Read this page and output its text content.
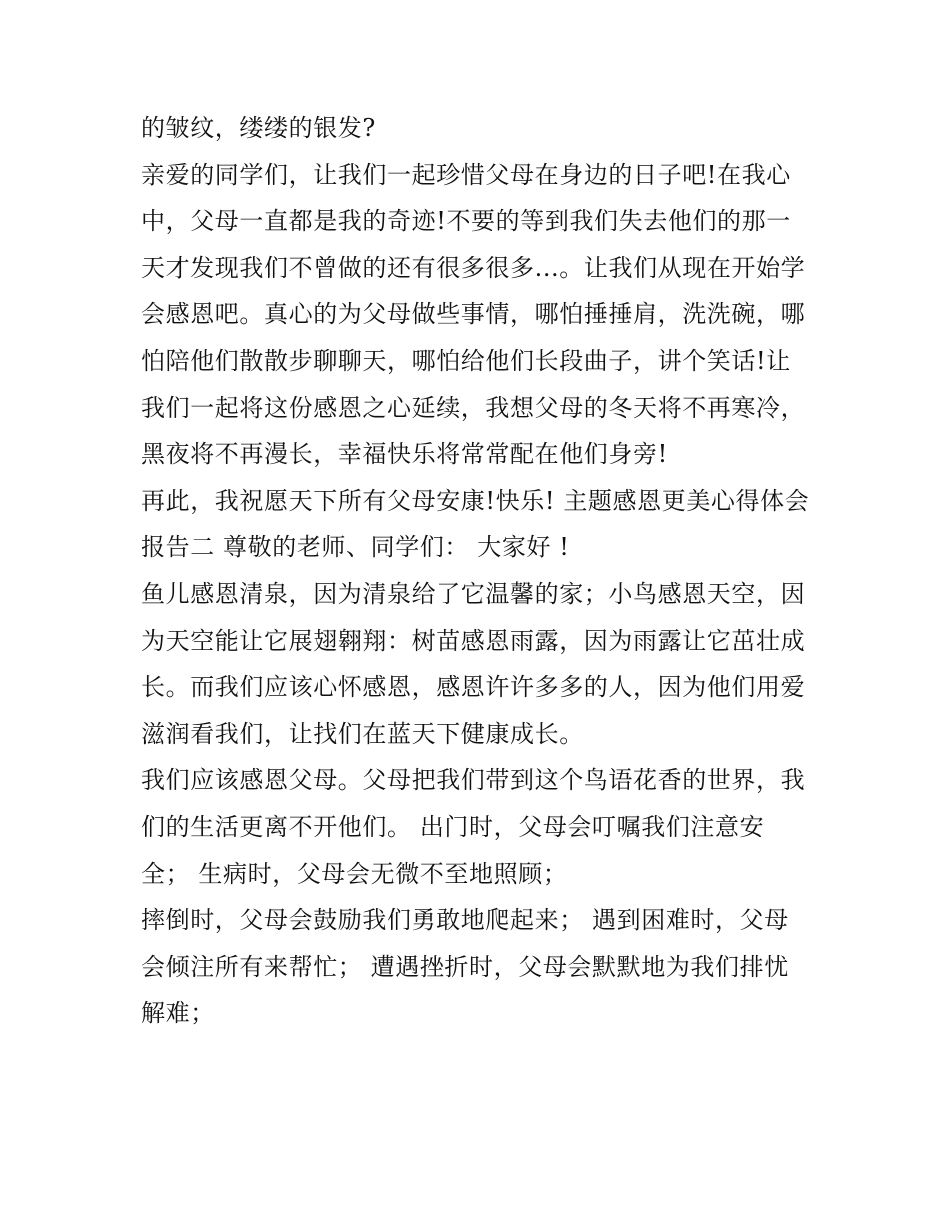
的皱纹，缕缕的银发?
亲爱的同学们，让我们一起珍惜父母在身边的日子吧!在我心
中，父母一直都是我的奇迹!不要的等到我们失去他们的那一
天才发现我们不曾做的还有很多很多...。让我们从现在开始学
会感恩吧。真心的为父母做些事情，哪怕捶捶肩，洗洗碗，哪
怕陪他们散散步聊聊天，哪怕给他们长段曲子，讲个笑话!让
我们一起将这份感恩之心延续，我想父母的冬天将不再寒冷，
黑夜将不再漫长，幸福快乐将常常配在他们身旁!
再此，我祝愿天下所有父母安康!快乐! 主题感恩更美心得体会
报告二 尊敬的老师、同学们： 大家好 !
鱼儿感恩清泉，因为清泉给了它温馨的家；小鸟感恩天空，因
为天空能让它展翅翱翔：树苗感恩雨露，因为雨露让它茁壮成
长。而我们应该心怀感恩，感恩许许多多的人，因为他们用爱
滋润看我们，让找们在蓝天下健康成长。
我们应该感恩父母。父母把我们带到这个鸟语花香的世界，我
们的生活更离不开他们。 出门时，父母会叮嘱我们注意安
全； 生病时，父母会无微不至地照顾；
摔倒时，父母会鼓励我们勇敢地爬起来； 遇到困难时，父母
会倾注所有来帮忙； 遭遇挫折时，父母会默默地为我们排忧
解难；
